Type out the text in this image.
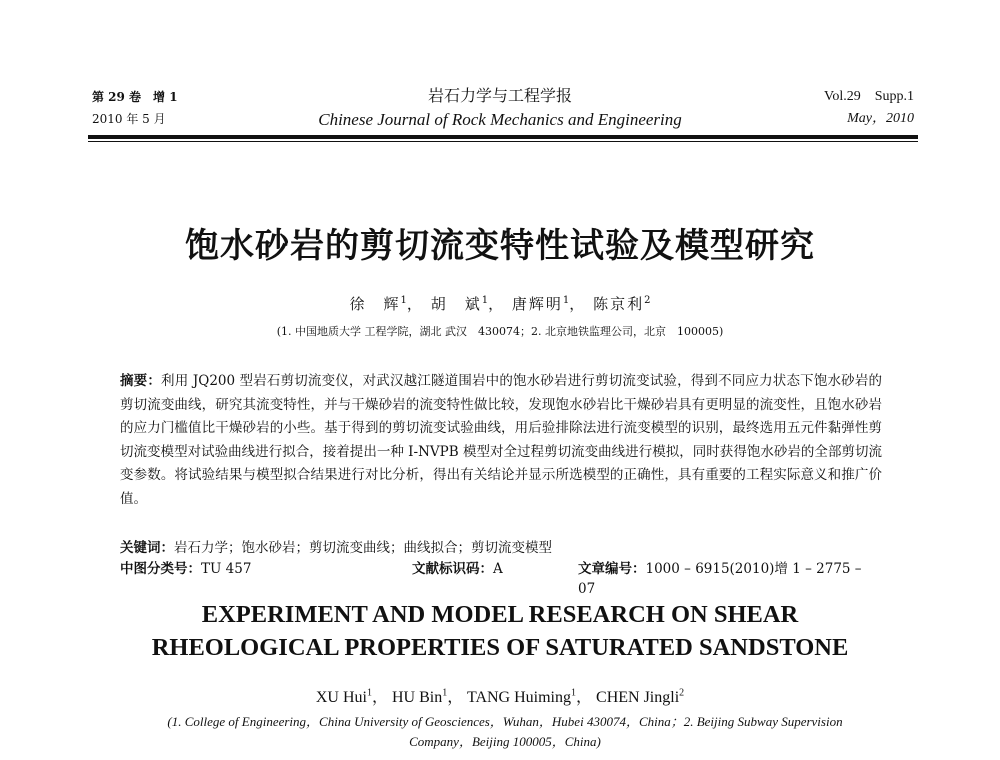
第 29 卷　增 1
2010 年 5 月
岩石力学与工程学报
Chinese Journal of Rock Mechanics and Engineering
Vol.29　Supp.1
May，2010
饱水砂岩的剪切流变特性试验及模型研究
徐　辉$^1$， 胡　斌$^1$， 唐辉明$^1$， 陈京利$^2$
(1. 中国地质大学 工程学院，湖北 武汉　430074；2. 北京地铁监理公司，北京　100005)
摘要：利用 JQ200 型岩石剪切流变仪，对武汉越江隧道围岩中的饱水砂岩进行剪切流变试验，得到不同应力状态下饱水砂岩的剪切流变曲线，研究其流变特性，并与干燥砂岩的流变特性做比较，发现饱水砂岩比干燥砂岩具有更明显的流变性，且饱水砂岩的应力门槛值比干燥砂岩的小些。基于得到的剪切流变试验曲线，用后验排除法进行流变模型的识别，最终选用五元件黏弹性剪切流变模型对试验曲线进行拟合，接着提出一种 I-NVPB 模型对全过程剪切流变曲线进行模拟，同时获得饱水砂岩的全部剪切流变参数。将试验结果与模型拟合结果进行对比分析，得出有关结论并显示所选模型的正确性，具有重要的工程实际意义和推广价值。
关键词：岩石力学；饱水砂岩；剪切流变曲线；曲线拟合；剪切流变模型
中图分类号：TU 457	文献标识码：A	文章编号：1000 – 6915(2010)增 1 – 2775 – 07
EXPERIMENT AND MODEL RESEARCH ON SHEAR
RHEOLOGICAL PROPERTIES OF SATURATED SANDSTONE
XU Hui$^1$， HU Bin$^1$， TANG Huiming$^1$， CHEN Jingli$^2$
(1. College of Engineering，China University of Geosciences，Wuhan，Hubei 430074，China；2. Beijing Subway Supervision
Company，Beijing 100005，China)
